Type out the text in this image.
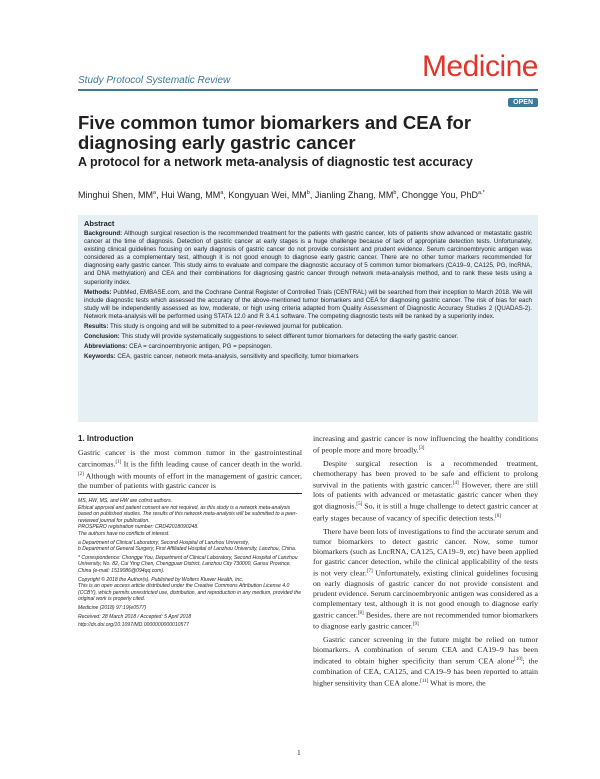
Study Protocol Systematic Review	Medicine
OPEN
Five common tumor biomarkers and CEA for diagnosing early gastric cancer
A protocol for a network meta-analysis of diagnostic test accuracy
Minghui Shen, $MM^a$, Hui Wang, $MM^a$, Kongyuan Wei, $MM^b$, Jianling Zhang, $MM^b$, Chongge You, PhD$^{a,*}$
Abstract

Background: Although surgical resection is the recommended treatment for the patients with gastric cancer, lots of patients show advanced or metastatic gastric cancer at the time of diagnosis. Detection of gastric cancer at early stages is a huge challenge because of lack of appropriate detection tests. Unfortunately, existing clinical guidelines focusing on early diagnosis of gastric cancer do not provide consistent and prudent evidence. Serum carcinoembryonic antigen was considered as a complementary test, although it is not good enough to diagnose early gastric cancer. There are no other tumor markers recommended for diagnosing early gastric cancer. This study aims to evaluate and compare the diagnostic accuracy of 5 common tumor biomarkers (CA19–9, CA125, PG, lncRNA, and DNA methylation) and CEA and their combinations for diagnosing gastric cancer through network meta-analysis method, and to rank these tests using a superiority index.

Methods: PubMed, EMBASE.com, and the Cochrane Central Register of Controlled Trials (CENTRAL) will be searched from their inception to March 2018. We will include diagnostic tests which assessed the accuracy of the above-mentioned tumor biomarkers and CEA for diagnosing gastric cancer. The risk of bias for each study will be independently assessed as low, moderate, or high using criteria adapted from Quality Assessment of Diagnostic Accuracy Studies 2 (QUADAS-2). Network meta-analysis will be performed using STATA 12.0 and R 3.4.1 software. The competing diagnostic tests will be ranked by a superiority index.

Results: This study is ongoing and will be submitted to a peer-reviewed journal for publication.

Conclusion: This study will provide systematically suggestions to select different tumor biomarkers for detecting the early gastric cancer.

Abbreviations: CEA = carcinoembryonic antigen, PG = pepsinogen.

Keywords: CEA, gastric cancer, network meta-analysis, sensitivity and specificity, tumor biomarkers

1. Introduction

Gastric cancer is the most common tumor in the gastrointestinal carcinomas.[1] It is the fifth leading cause of cancer death in the world.[2] Although with mounts of effort in the management of gastric cancer, the number of patients with gastric cancer is

MS, HW, MS, and HW are cofirst authors.

Ethical approval and patient consent are not required, as this study is a network meta-analysis based on published studies. The results of this network meta-analysis will be submitted to a peer-reviewed journal for publication.

PROSPERO registration number: CRD42018090248.

The authors have no conflicts of interest.

a Department of Clinical Laboratory, Second Hospital of Lanzhou University,

b Department of General Surgery, First Affiliated Hospital of Lanzhou University, Lanzhou, China.

* Correspondence: Chongge You, Department of Clinical Laboratory, Second Hospital of Lanzhou University, No. 82, Cui Ying Chen, Chengguan District, Lanzhou City 730000, Gansu Province, China (e-mail: 1519086@094qq.com).

Copyright © 2018 the Author(s). Published by Wolters Kluwer Health, Inc.

This is an open access article distributed under the Creative Commons Attribution License 4.0 (CCBY), which permits unrestricted use, distribution, and reproduction in any medium, provided the original work is properly cited.

Medicine (2018) 97:19(e0577)

Received: 28 March 2018 / Accepted: 5 April 2018

http://dx.doi.org/10.1097/MD.0000000000010577

increasing and gastric cancer is now influencing the healthy conditions of people more and more broadly.[3]

Despite surgical resection is a recommended treatment, chemotherapy has been proved to be safe and efficient to prolong survival in the patients with gastric cancer.[4] However, there are still lots of patients with advanced or metastatic gastric cancer when they got diagnosis.[5] So, it is still a huge challenge to detect gastric cancer at early stages because of vacancy of specific detection tests.[6]

There have been lots of investigations to find the accurate serum and tumor biomarkers to detect gastric cancer. Now, some tumor biomarkers (such as LncRNA, CA125, CA19–9, etc) have been applied for gastric cancer detection, while the clinical applicability of the tests is not very clear.[7] Unfortunately, existing clinical guidelines focusing on early diagnosis of gastric cancer do not provide consistent and prudent evidence. Serum carcinoembryonic antigen was considered as a complementary test, although it is not good enough to diagnose early gastric cancer.[8] Besides, there are not recommended tumor biomarkers to diagnose early gastric cancer.[9]

Gastric cancer screening in the future might be relied on tumor biomarkers. A combination of serum CEA and CA19–9 has been indicated to obtain higher specificity than serum CEA alone[10]; the combination of CEA, CA125, and CA19–9 has been reported to attain higher sensitivity than CEA alone.[11] What is more, the

1
